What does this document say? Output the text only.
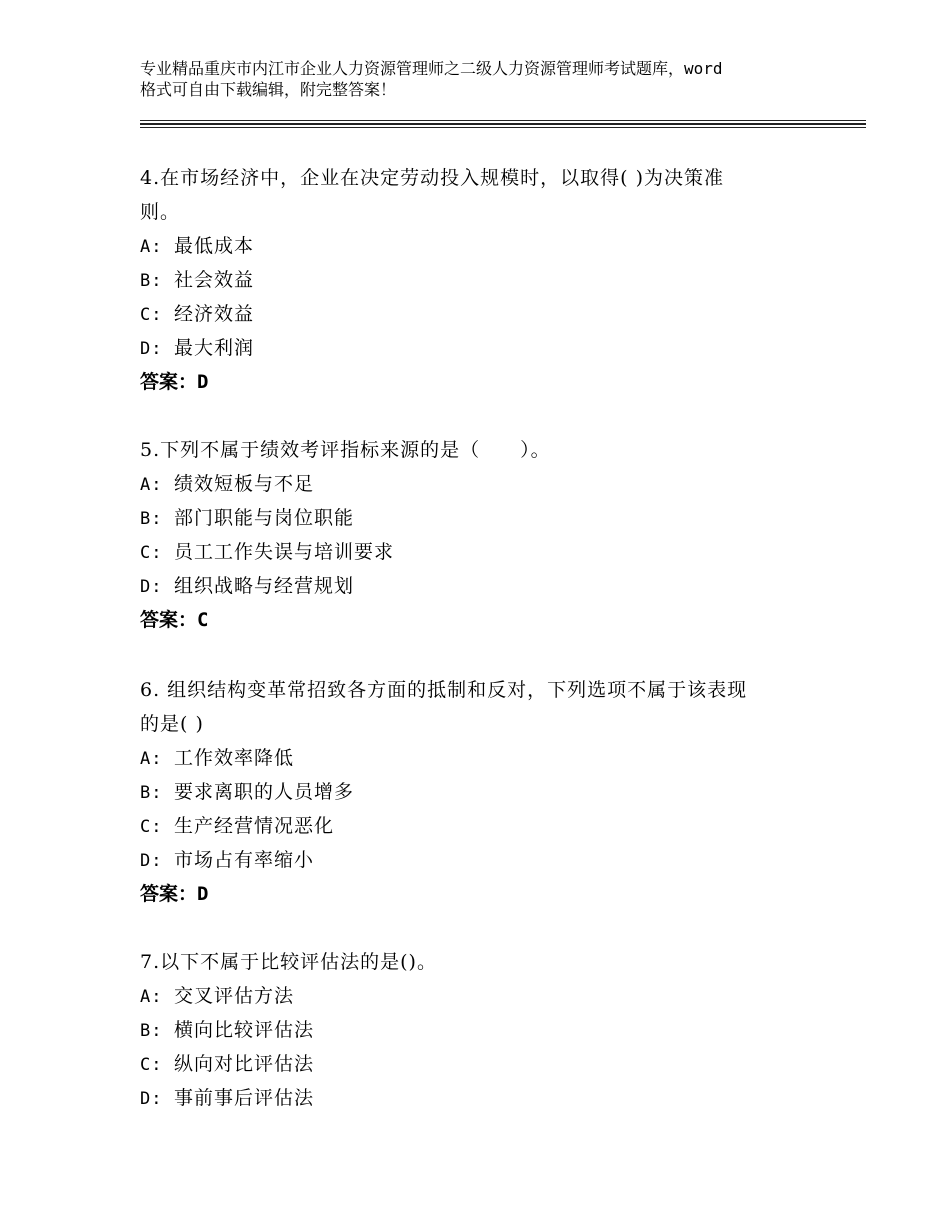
专业精品重庆市内江市企业人力资源管理师之二级人力资源管理师考试题库，word
格式可自由下载编辑，附完整答案！
4.在市场经济中，企业在决定劳动投入规模时，以取得( )为决策准
则。
A: 最低成本
B: 社会效益
C: 经济效益
D: 最大利润
答案：D
5.下列不属于绩效考评指标来源的是（　　）。
A: 绩效短板与不足
B: 部门职能与岗位职能
C: 员工工作失误与培训要求
D: 组织战略与经营规划
答案：C
6. 组织结构变革常招致各方面的抵制和反对，下列选项不属于该表现
的是( )
A: 工作效率降低
B: 要求离职的人员增多
C: 生产经营情况恶化
D: 市场占有率缩小
答案：D
7.以下不属于比较评估法的是()。
A: 交叉评估方法
B: 横向比较评估法
C: 纵向对比评估法
D: 事前事后评估法
